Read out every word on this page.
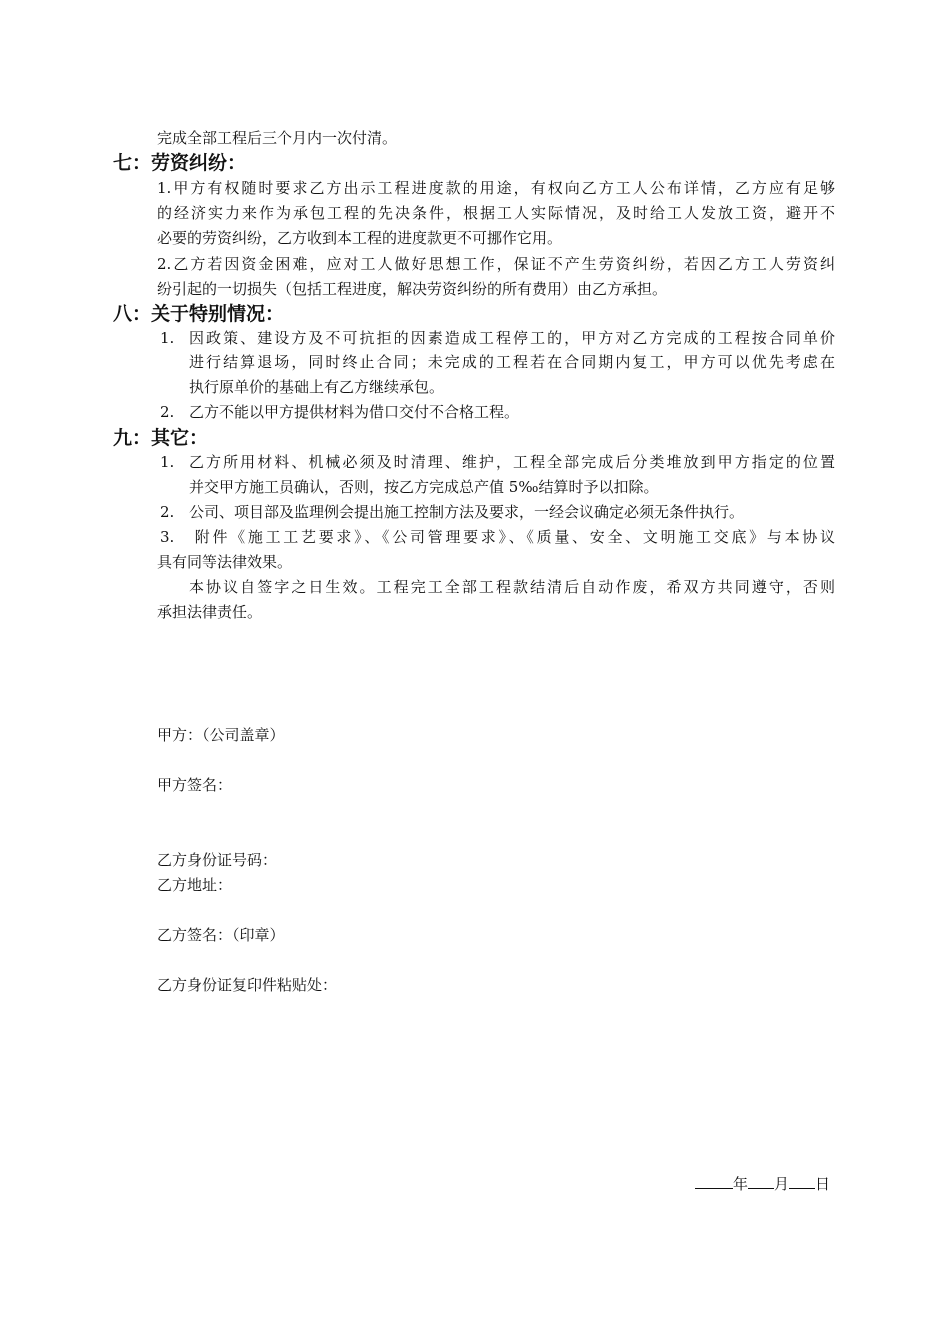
完成全部工程后三个月内一次付清。
七：劳资纠纷：
1.甲方有权随时要求乙方出示工程进度款的用途，有权向乙方工人公布详情，乙方应有足够
的经济实力来作为承包工程的先决条件，根据工人实际情况，及时给工人发放工资，避开不
必要的劳资纠纷，乙方收到本工程的进度款更不可挪作它用。
2.乙方若因资金困难，应对工人做好思想工作，保证不产生劳资纠纷，若因乙方工人劳资纠
纷引起的一切损失（包括工程进度，解决劳资纠纷的所有费用）由乙方承担。
八：关于特别情况：
1. 因政策、建设方及不可抗拒的因素造成工程停工的，甲方对乙方完成的工程按合同单价
进行结算退场，同时终止合同；未完成的工程若在合同期内复工，甲方可以优先考虑在
执行原单价的基础上有乙方继续承包。
2. 乙方不能以甲方提供材料为借口交付不合格工程。
九：其它：
1. 乙方所用材料、机械必须及时清理、维护，工程全部完成后分类堆放到甲方指定的位置
并交甲方施工员确认，否则，按乙方完成总产值 5‰结算时予以扣除。
2. 公司、项目部及监理例会提出施工控制方法及要求，一经会议确定必须无条件执行。
3.　附件《施工工艺要求》、《公司管理要求》、《质量、安全、文明施工交底》与本协议
具有同等法律效果。
本协议自签字之日生效。工程完工全部工程款结清后自动作废，希双方共同遵守，否则
承担法律责任。
甲方：（公司盖章）
甲方签名：
乙方身份证号码：
乙方地址：
乙方签名：（印章）
乙方身份证复印件粘贴处：
年 月 日
